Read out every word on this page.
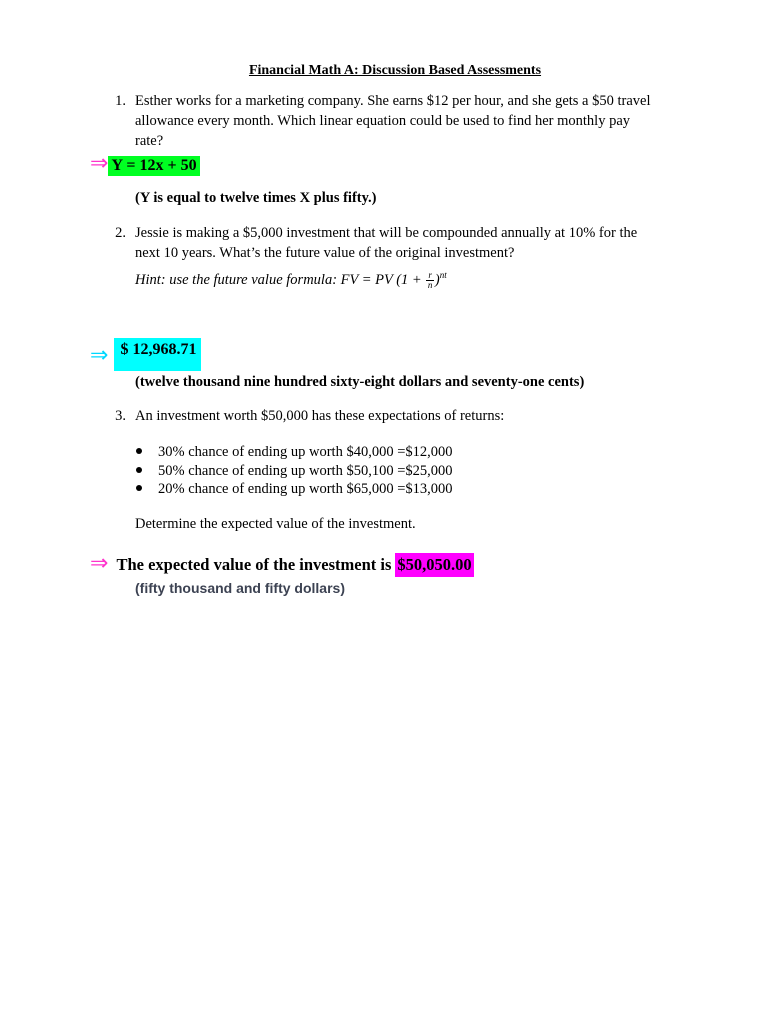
Financial Math A: Discussion Based Assessments
1. Esther works for a marketing company. She earns $12 per hour, and she gets a $50 travel
allowance every month. Which linear equation could be used to find her monthly pay
rate?
⇒ Y = 12x + 50
(Y is equal to twelve times X plus fifty.)
2. Jessie is making a $5,000 investment that will be compounded annually at 10% for the
next 10 years. What’s the future value of the original investment?
Hint: use the future value formula: FV = PV $(1 + \frac{r}{n} )^{nt}$
⇒ $ 12,968.71
(twelve thousand nine hundred sixty-eight dollars and seventy-one cents)
3. An investment worth $50,000 has these expectations of returns:
30% chance of ending up worth $40,000 =$12,000
50% chance of ending up worth $50,100 =$25,000
20% chance of ending up worth $65,000 =$13,000
Determine the expected value of the investment.
⇒ The expected value of the investment is $50,050.00
(fifty thousand and fifty dollars)
